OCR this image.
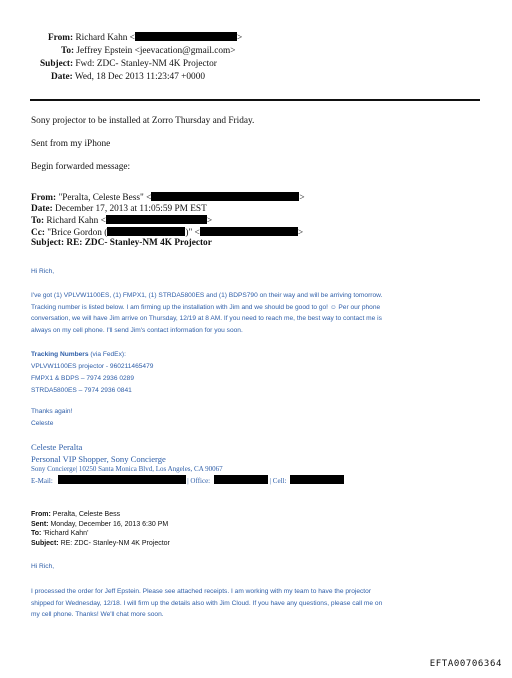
From: Richard Kahn <	>
To: Jeffrey Epstein <jeevacation@gmail.com>
Subject: Fwd: ZDC- Stanley-NM 4K Projector
Date: Wed, 18 Dec 2013 11:23:47 +0000
Sony projector to be installed at Zorro Thursday and Friday.
Sent from my iPhone
Begin forwarded message:
From: "Peralta, Celeste Bess" <	>
Date: December 17, 2013 at 11:05:59 PM EST
To: Richard Kahn <	>
Cc: "Brice Gordon (	)" <	>
Subject: RE: ZDC- Stanley-NM 4K Projector
Hi Rich,
I've got (1) VPLVW1100ES, (1) FMPX1, (1) STRDA5800ES and (1) BDPS790 on their way and will be arriving tomorrow.
Tracking number is listed below. I am firming up the installation with Jim and we should be good to go! ☺ Per our phone
conversation, we will have Jim arrive on Thursday, 12/19 at 8 AM. If you need to reach me, the best way to contact me is
always on my cell phone. I'll send Jim's contact information for you soon.
Tracking Numbers (via FedEx):
VPLVW1100ES projector - 960211465479
FMPX1 & BDPS – 7974 2936 0289
STRDA5800ES – 7974 2936 0841
Thanks again!
Celeste
Celeste Peralta
Personal VIP Shopper, Sony Concierge
Sony Concierge| 10250 Santa Monica Blvd, Los Angeles, CA 90067
E-Mail:	| Office:	| Cell:
From: Peralta, Celeste Bess
Sent: Monday, December 16, 2013 6:30 PM
To: 'Richard Kahn'
Subject: RE: ZDC- Stanley-NM 4K Projector
Hi Rich,
I processed the order for Jeff Epstein. Please see attached receipts. I am working with my team to have the projector
shipped for Wednesday, 12/18. I will firm up the details also with Jim Cloud. If you have any questions, please call me on
my cell phone. Thanks! We'll chat more soon.
EFTA00706364
